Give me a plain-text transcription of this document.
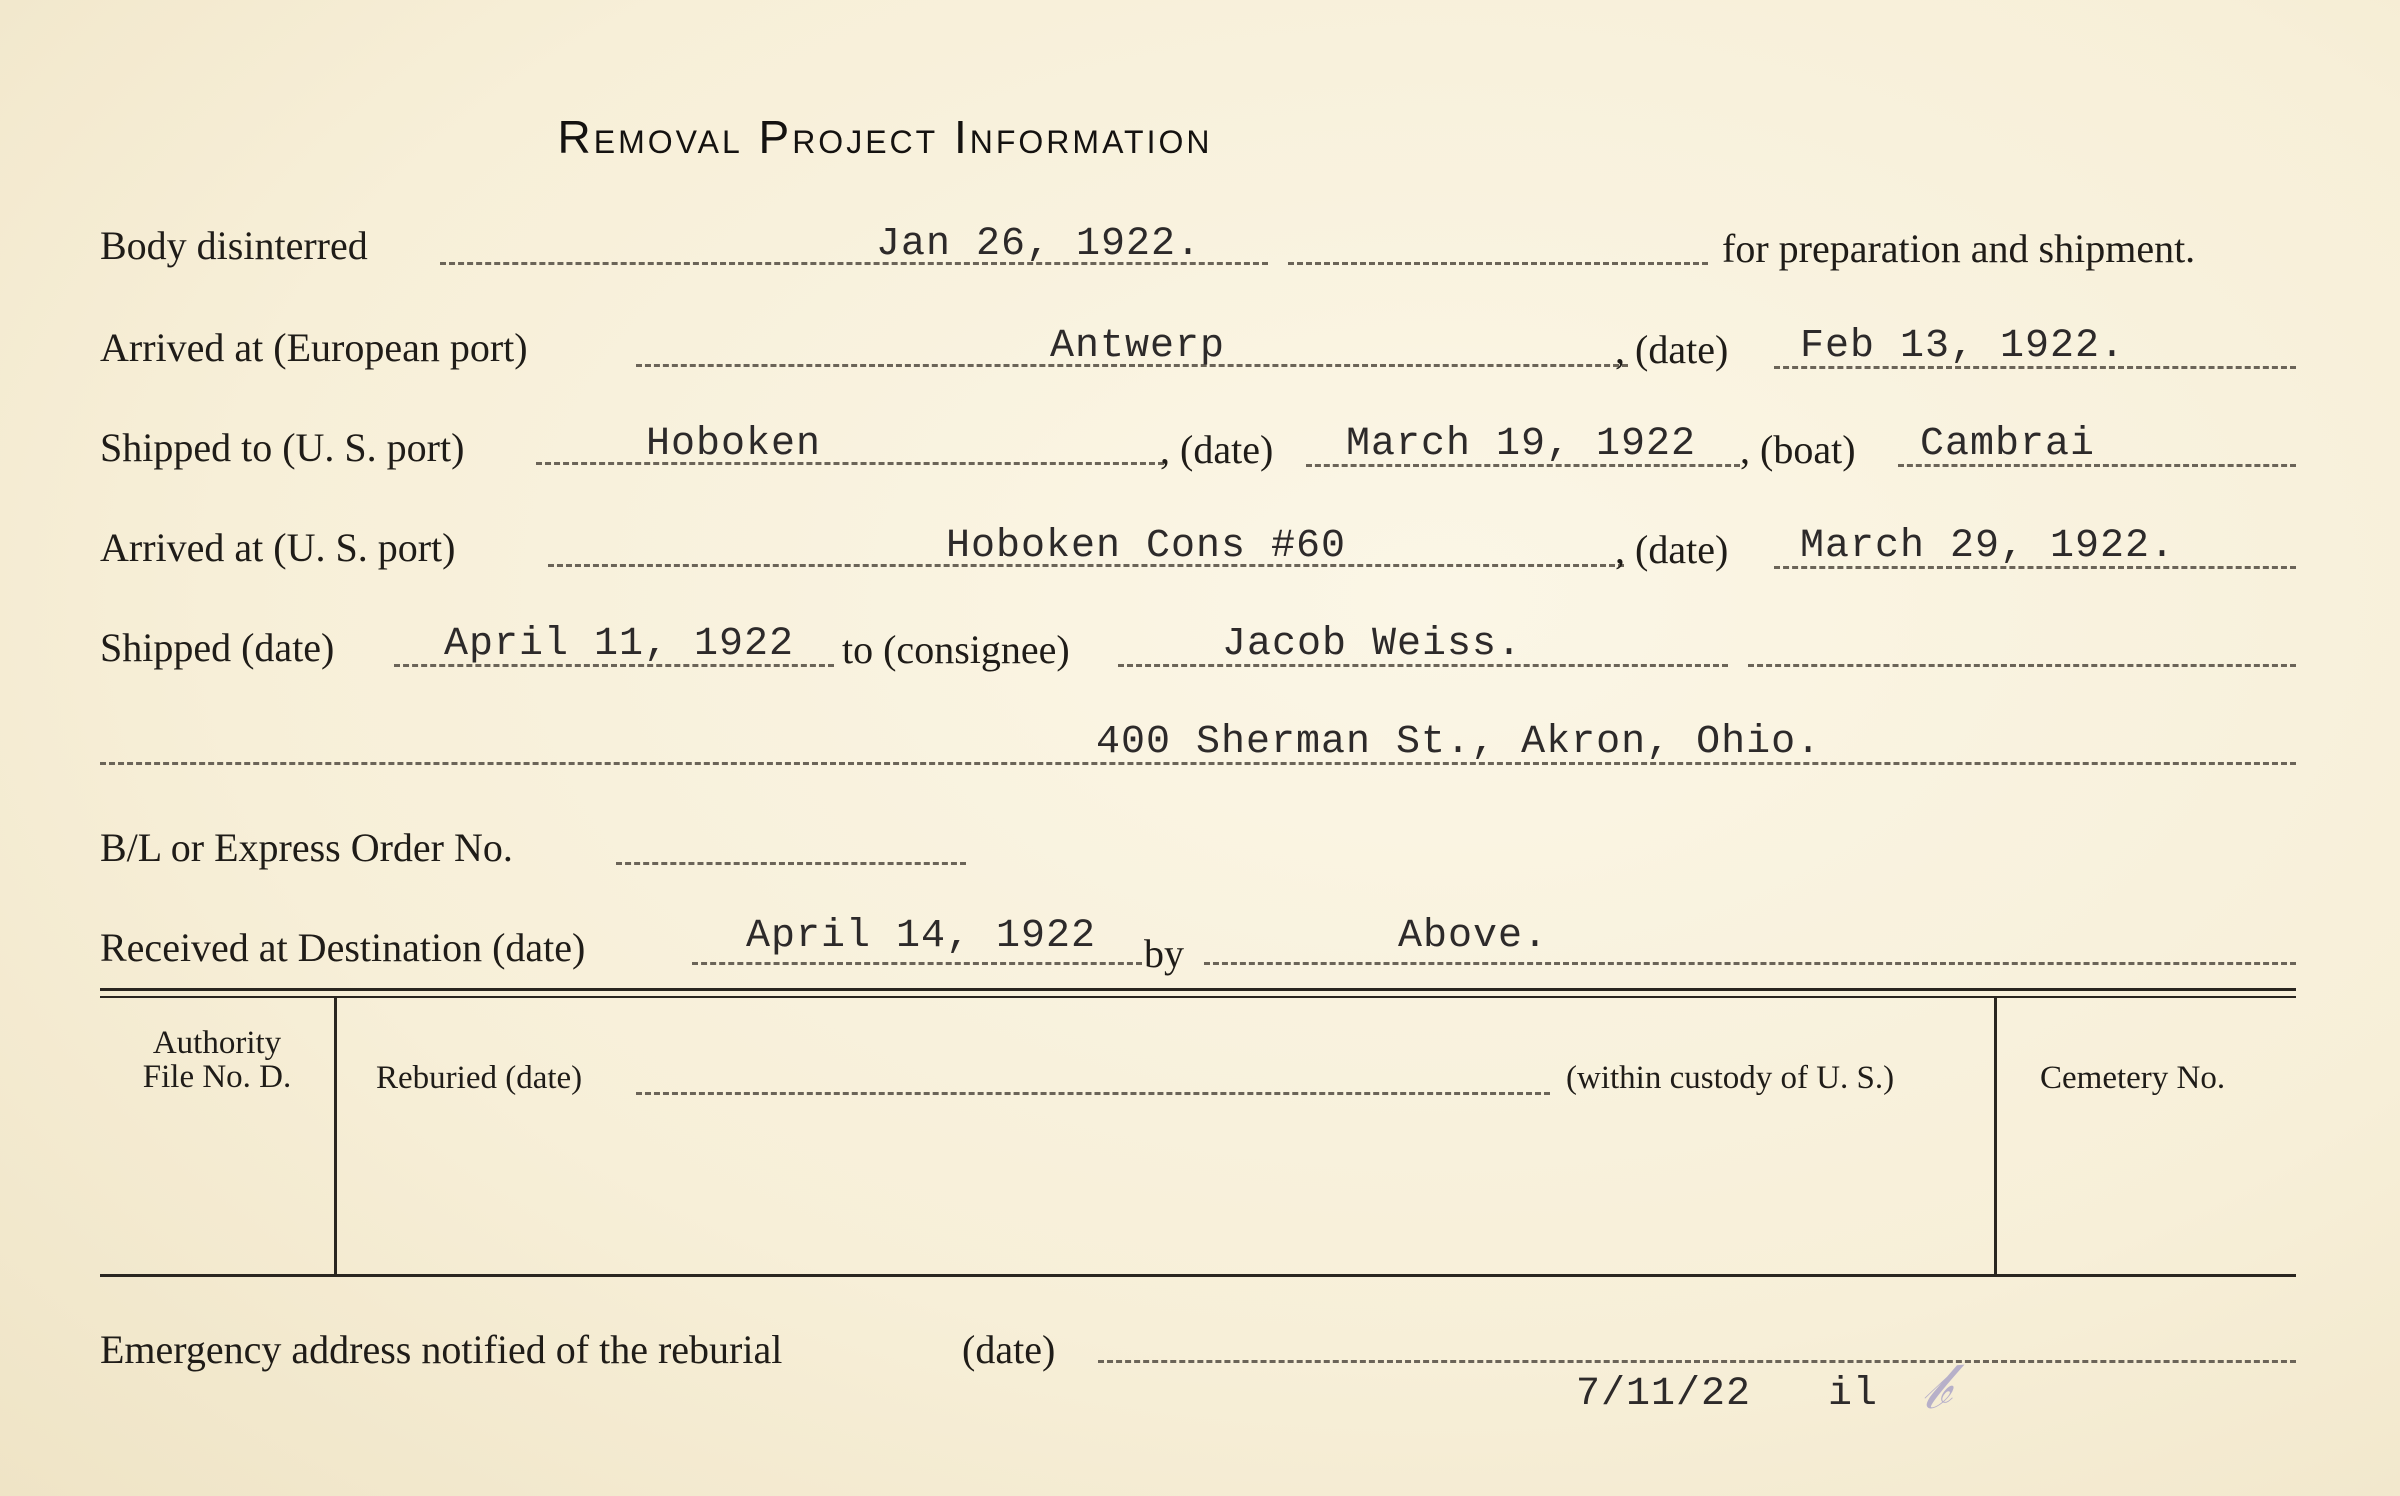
Removal Project Information
Body disinterred	Jan 26, 1922.	for preparation and shipment.
Arrived at (European port)	Antwerp	, (date) Feb 13, 1922.
Shipped to (U. S. port)	Hoboken	, (date) March 19, 1922 , (boat) Cambrai
Arrived at (U. S. port)	Hoboken Cons #60	, (date) March 29, 1922.
Shipped (date)	April 11, 1922 to (consignee)	Jacob Weiss.
400 Sherman St., Akron, Ohio.
B/L or Express Order No.
Received at Destination (date)	April 14, 1922 by	Above.
Authority
File No. D.	Reburied (date)	(within custody of U. S.)	Cemetery No.
Emergency address notified of the reburial	(date)
7/11/22 il 𝒷
